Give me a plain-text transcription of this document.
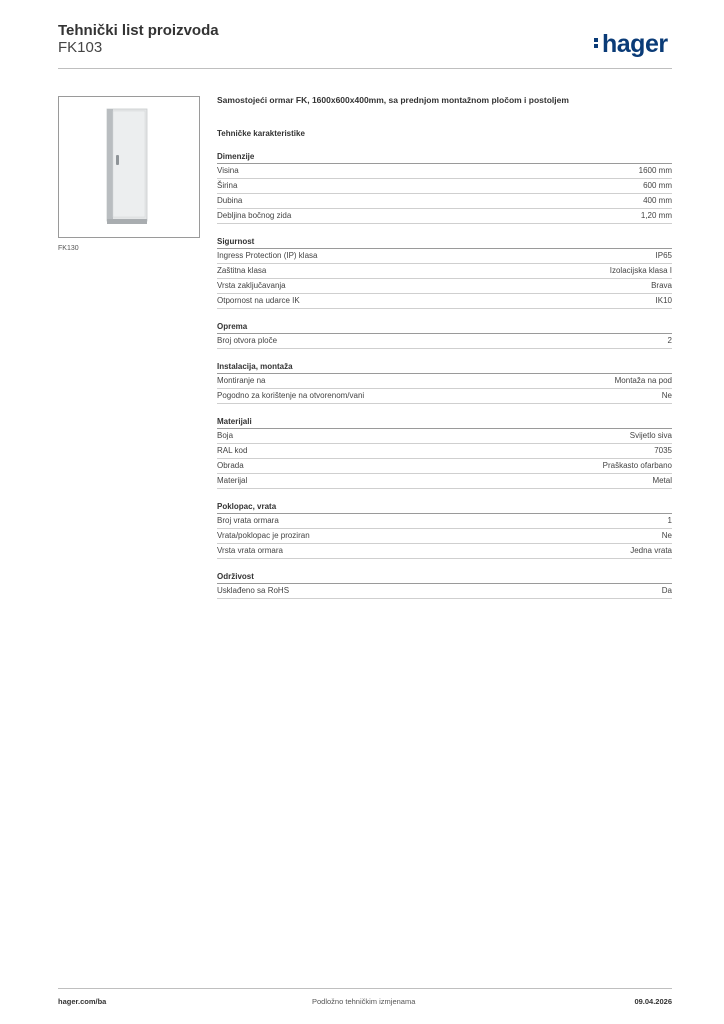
Tehnički list proizvoda
FK103	hager
FK130
Samostojeći ormar FK, 1600x600x400mm, sa prednjom montažnom pločom i postoljem
Tehničke karakteristike
Dimenzije
Visina	1600 mm
Širina	600 mm
Dubina	400 mm
Debljina bočnog zida	1,20 mm
Sigurnost
Ingress Protection (IP) klasa	IP65
Zaštitna klasa	Izolacijska klasa I
Vrsta zaključavanja	Brava
Otpornost na udarce IK	IK10
Oprema
Broj otvora ploče	2
Instalacija, montaža
Montiranje na	Montaža na pod
Pogodno za korištenje na otvorenom/vani	Ne
Materijali
Boja	Svijetlo siva
RAL kod	7035
Obrada	Praškasto ofarbano
Materijal	Metal
Poklopac, vrata
Broj vrata ormara	1
Vrata/poklopac je proziran	Ne
Vrsta vrata ormara	Jedna vrata
Održivost
Usklađeno sa RoHS	Da
hager.com/ba	Podložno tehničkim izmjenama	09.04.2026
